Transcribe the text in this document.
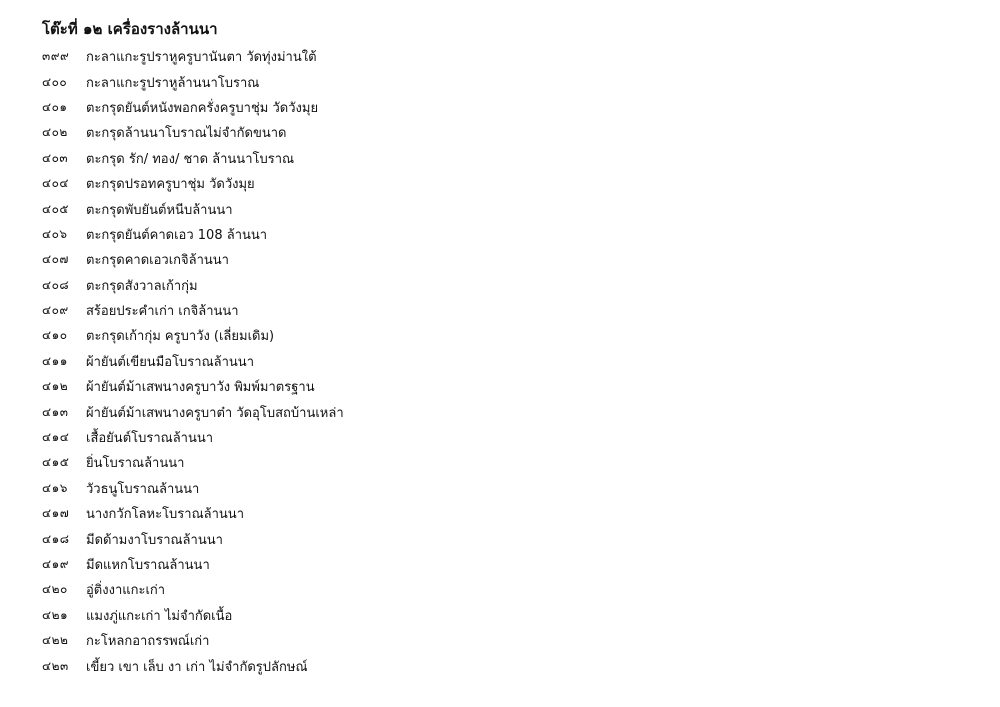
โต๊ะที่ ๑๒ เครื่องรางล้านนา
๓๙๙	กะลาแกะรูปราหูครูบานันตา วัดทุ่งม่านใต้
๔๐๐	กะลาแกะรูปราหูล้านนาโบราณ
๔๐๑	ตะกรุดยันต์หนังพอกครั่งครูบาชุ่ม วัดวังมุย
๔๐๒	ตะกรุดล้านนาโบราณไม่จำกัดขนาด
๔๐๓	ตะกรุด รัก/ ทอง/ ชาด ล้านนาโบราณ
๔๐๔	ตะกรุดปรอทครูบาชุ่ม วัดวังมุย
๔๐๕	ตะกรุดพับยันต์หนีบล้านนา
๔๐๖	ตะกรุดยันต์คาดเอว 108 ล้านนา
๔๐๗	ตะกรุดคาดเอวเกจิล้านนา
๔๐๘	ตะกรุดสังวาลเก้ากุ่ม
๔๐๙	สร้อยประคำเก่า เกจิล้านนา
๔๑๐	ตะกรุดเก้ากุ่ม ครูบาวัง (เลี่ยมเดิม)
๔๑๑	ผ้ายันต์เขียนมือโบราณล้านนา
๔๑๒	ผ้ายันต์ม้าเสพนางครูบาวัง พิมพ์มาตรฐาน
๔๑๓	ผ้ายันต์ม้าเสพนางครูบาต๋า วัดอุโบสถบ้านเหล่า
๔๑๔	เสื้อยันต์โบราณล้านนา
๔๑๕	ยิ่นโบราณล้านนา
๔๑๖	วัวธนูโบราณล้านนา
๔๑๗	นางกวักโลหะโบราณล้านนา
๔๑๘	มีดด้ามงาโบราณล้านนา
๔๑๙	มีดแหกโบราณล้านนา
๔๒๐	อู่ติ่งงาแกะเก่า
๔๒๑	แมงภู่แกะเก่า ไม่จำกัดเนื้อ
๔๒๒	กะโหลกอาถรรพณ์เก่า
๔๒๓	เขี้ยว เขา เล็บ งา เก่า ไม่จำกัดรูปลักษณ์
